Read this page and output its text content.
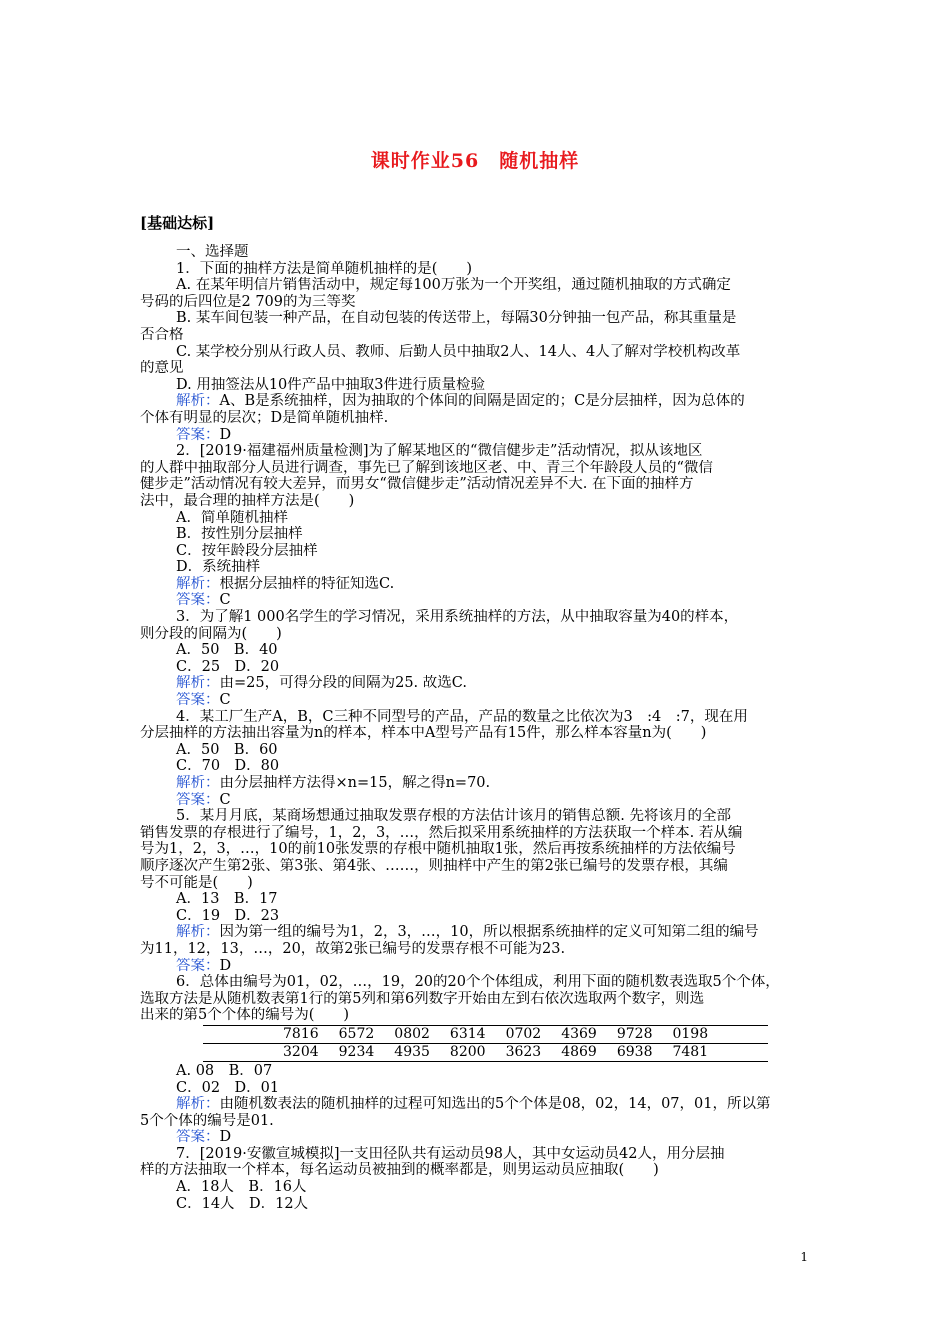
课时作业56　随机抽样
[基础达标]
一、选择题
1．下面的抽样方法是简单随机抽样的是(　　)
A. 在某年明信片销售活动中，规定每100万张为一个开奖组，通过随机抽取的方式确定
号码的后四位是2 709的为三等奖
B. 某车间包装一种产品，在自动包装的传送带上，每隔30分钟抽一包产品，称其重量是
否合格
C. 某学校分别从行政人员、教师、后勤人员中抽取2人、14人、4人了解对学校机构改革
的意见
D. 用抽签法从10件产品中抽取3件进行质量检验
解析：A、B是系统抽样，因为抽取的个体间的间隔是固定的；C是分层抽样，因为总体的
个体有明显的层次；D是简单随机抽样.
答案：D
2．[2019·福建福州质量检测]为了解某地区的“微信健步走”活动情况，拟从该地区
的人群中抽取部分人员进行调查，事先已了解到该地区老、中、青三个年龄段人员的“微信
健步走”活动情况有较大差异，而男女“微信健步走”活动情况差异不大. 在下面的抽样方
法中，最合理的抽样方法是(　　)
A．简单随机抽样
B．按性别分层抽样
C．按年龄段分层抽样
D．系统抽样
解析：根据分层抽样的特征知选C.
答案：C
3．为了解1 000名学生的学习情况，采用系统抽样的方法，从中抽取容量为40的样本，
则分段的间隔为(　　)
A．50　B．40
C．25　D．20
解析：由=25，可得分段的间隔为25. 故选C.
答案：C
4．某工厂生产A，B，C三种不同型号的产品，产品的数量之比依次为3　:4　:7，现在用
分层抽样的方法抽出容量为n的样本，样本中A型号产品有15件，那么样本容量n为(　　)
A．50　B．60
C．70　D．80
解析：由分层抽样方法得×n=15，解之得n=70.
答案：C
5．某月月底，某商场想通过抽取发票存根的方法估计该月的销售总额. 先将该月的全部
销售发票的存根进行了编号，1，2，3，…，然后拟采用系统抽样的方法获取一个样本. 若从编
号为1，2，3，…，10的前10张发票的存根中随机抽取1张，然后再按系统抽样的方法依编号
顺序逐次产生第2张、第3张、第4张、……，则抽样中产生的第2张已编号的发票存根，其编
号不可能是(　　)
A．13　B．17
C．19　D．23
解析：因为第一组的编号为1，2，3，…，10，所以根据系统抽样的定义可知第二组的编号
为11，12，13，…，20，故第2张已编号的发票存根不可能为23.
答案：D
6．总体由编号为01，02，…，19，20的20个个体组成，利用下面的随机数表选取5个个体，
选取方法是从随机数表第1行的第5列和第6列数字开始由左到右依次选取两个数字，则选
出来的第5个个体的编号为(　　)
7816	6572	0802	6314	0702	4369	9728	0198
3204	9234	4935	8200	3623	4869	6938	7481
A. 08　B．07
C．02　D．01
解析：由随机数表法的随机抽样的过程可知选出的5个个体是08，02，14，07，01，所以第
5个个体的编号是01.
答案：D
7．[2019·安徽宣城模拟]一支田径队共有运动员98人，其中女运动员42人，用分层抽
样的方法抽取一个样本，每名运动员被抽到的概率都是，则男运动员应抽取(　　)
A．18人　B．16人
C．14人　D．12人
1
